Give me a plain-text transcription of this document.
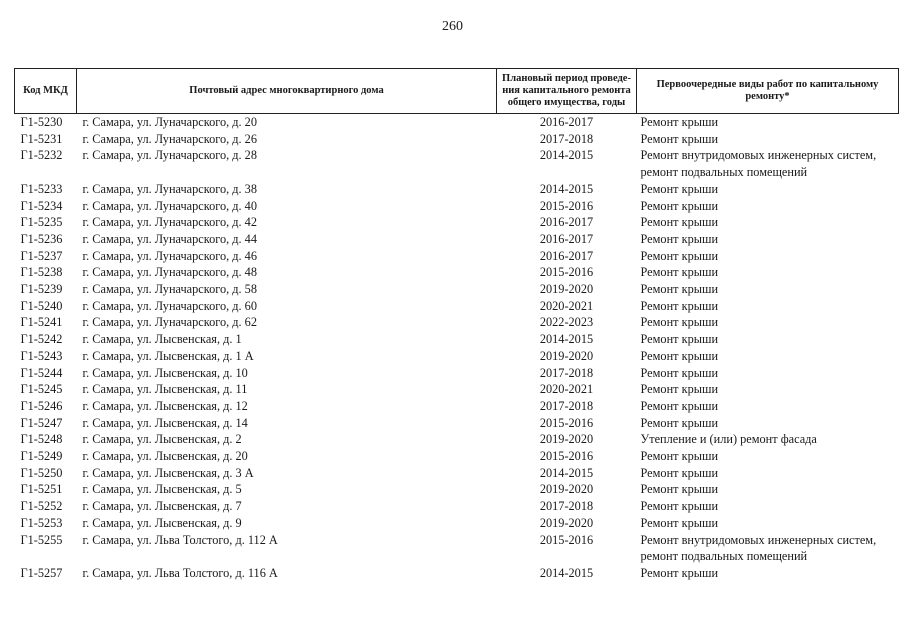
260
Код МКД	Почтовый адрес многоквартирного дома	Плановый период проведе-ния капитального ремонта общего имущества, годы	Первоочередные виды работ по капитальному ремонту*
Г1-5230	г. Самара, ул. Луначарского, д. 20	2016-2017	Ремонт крыши

Г1-5231	г. Самара, ул. Луначарского, д. 26	2017-2018	Ремонт крыши

Г1-5232	г. Самара, ул. Луначарского, д. 28	2014-2015	Ремонт внутридомовых инженерных систем,
ремонт подвальных помещений

Г1-5233	г. Самара, ул. Луначарского, д. 38	2014-2015	Ремонт крыши

Г1-5234	г. Самара, ул. Луначарского, д. 40	2015-2016	Ремонт крыши

Г1-5235	г. Самара, ул. Луначарского, д. 42	2016-2017	Ремонт крыши

Г1-5236	г. Самара, ул. Луначарского, д. 44	2016-2017	Ремонт крыши

Г1-5237	г. Самара, ул. Луначарского, д. 46	2016-2017	Ремонт крыши

Г1-5238	г. Самара, ул. Луначарского, д. 48	2015-2016	Ремонт крыши

Г1-5239	г. Самара, ул. Луначарского, д. 58	2019-2020	Ремонт крыши

Г1-5240	г. Самара, ул. Луначарского, д. 60	2020-2021	Ремонт крыши

Г1-5241	г. Самара, ул. Луначарского, д. 62	2022-2023	Ремонт крыши

Г1-5242	г. Самара, ул. Лысвенская, д. 1	2014-2015	Ремонт крыши

Г1-5243	г. Самара, ул. Лысвенская, д. 1 А	2019-2020	Ремонт крыши

Г1-5244	г. Самара, ул. Лысвенская, д. 10	2017-2018	Ремонт крыши

Г1-5245	г. Самара, ул. Лысвенская, д. 11	2020-2021	Ремонт крыши

Г1-5246	г. Самара, ул. Лысвенская, д. 12	2017-2018	Ремонт крыши

Г1-5247	г. Самара, ул. Лысвенская, д. 14	2015-2016	Ремонт крыши

Г1-5248	г. Самара, ул. Лысвенская, д. 2	2019-2020	Утепление и (или) ремонт фасада

Г1-5249	г. Самара, ул. Лысвенская, д. 20	2015-2016	Ремонт крыши

Г1-5250	г. Самара, ул. Лысвенская, д. 3 А	2014-2015	Ремонт крыши

Г1-5251	г. Самара, ул. Лысвенская, д. 5	2019-2020	Ремонт крыши

Г1-5252	г. Самара, ул. Лысвенская, д. 7	2017-2018	Ремонт крыши

Г1-5253	г. Самара, ул. Лысвенская, д. 9	2019-2020	Ремонт крыши

Г1-5255	г. Самара, ул. Льва Толстого, д. 112 А	2015-2016	Ремонт внутридомовых инженерных систем,
ремонт подвальных помещений

Г1-5257	г. Самара, ул. Льва Толстого, д. 116 А	2014-2015	Ремонт крыши
